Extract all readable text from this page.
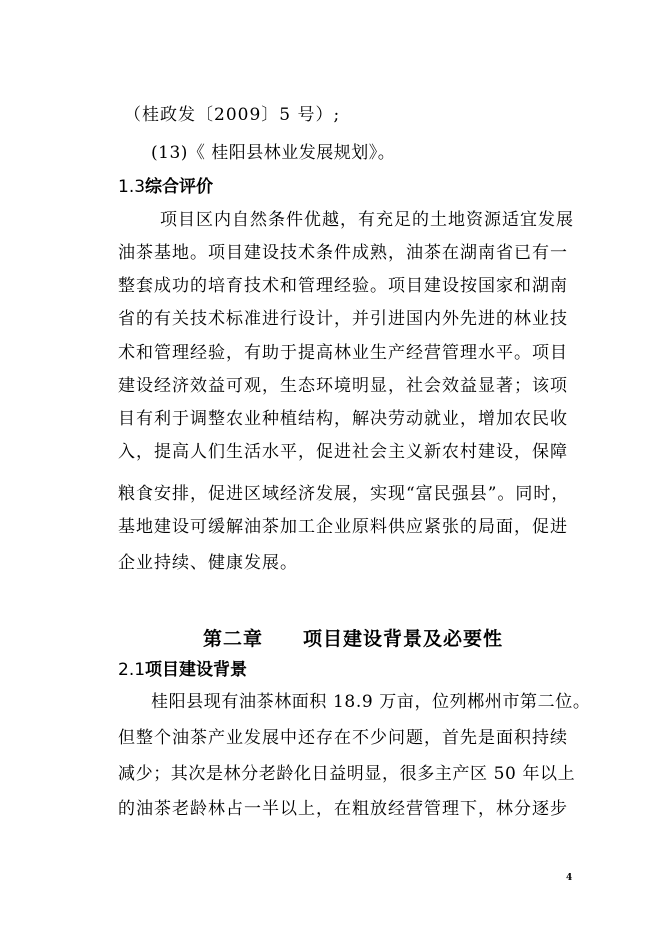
（桂政发〔2009〕5 号）;
(13)《 桂阳县林业发展规划》。
1.3综合评价
项目区内自然条件优越，有充足的土地资源适宜发展
油茶基地。项目建设技术条件成熟，油茶在湖南省已有一
整套成功的培育技术和管理经验。项目建设按国家和湖南
省的有关技术标准进行设计，并引进国内外先进的林业技
术和管理经验，有助于提高林业生产经营管理水平。项目
建设经济效益可观，生态环境明显，社会效益显著；该项
目有利于调整农业种植结构，解决劳动就业，增加农民收
入，提高人们生活水平，促进社会主义新农村建设，保障
粮食安排，促进区域经济发展，实现“富民强县”。同时，
基地建设可缓解油茶加工企业原料供应紧张的局面，促进
企业持续、健康发展。
第二章 项目建设背景及必要性
2.1项目建设背景
桂阳县现有油茶林面积 18.9 万亩，位列郴州市第二位。
但整个油茶产业发展中还存在不少问题，首先是面积持续
减少；其次是林分老龄化日益明显，很多主产区 50 年以上
的油茶老龄林占一半以上，在粗放经营管理下，林分逐步
4
